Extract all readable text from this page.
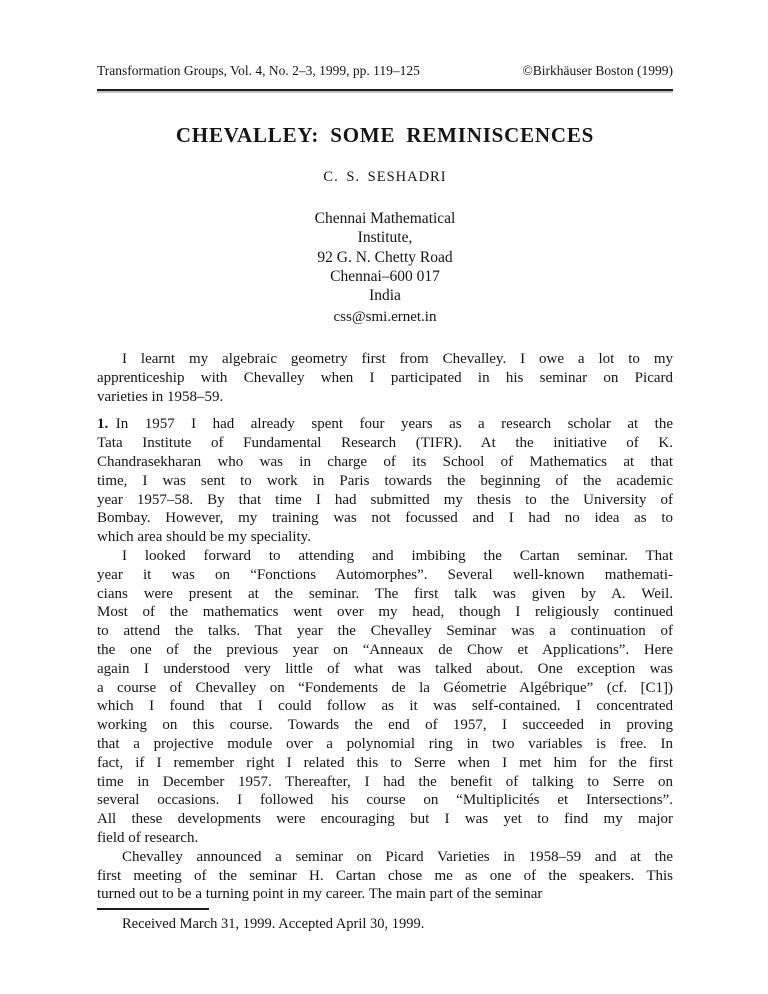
Transformation Groups, Vol. 4, No. 2–3, 1999, pp. 119–125	©Birkhäuser Boston (1999)
CHEVALLEY: SOME REMINISCENCES
C. S. SESHADRI
Chennai Mathematical
Institute,
92 G. N. Chetty Road
Chennai–600 017
India
css@smi.ernet.in
I learnt my algebraic geometry first from Chevalley. I owe a lot to my
apprenticeship with Chevalley when I participated in his seminar on Picard
varieties in 1958–59.
1. In 1957 I had already spent four years as a research scholar at the
Tata Institute of Fundamental Research (TIFR). At the initiative of K.
Chandrasekharan who was in charge of its School of Mathematics at that
time, I was sent to work in Paris towards the beginning of the academic
year 1957–58. By that time I had submitted my thesis to the University of
Bombay. However, my training was not focussed and I had no idea as to
which area should be my speciality.
I looked forward to attending and imbibing the Cartan seminar. That
year it was on “Fonctions Automorphes”. Several well-known mathemati-
cians were present at the seminar. The first talk was given by A. Weil.
Most of the mathematics went over my head, though I religiously continued
to attend the talks. That year the Chevalley Seminar was a continuation of
the one of the previous year on “Anneaux de Chow et Applications”. Here
again I understood very little of what was talked about. One exception was
a course of Chevalley on “Fondements de la Géometrie Algébrique” (cf. [C1])
which I found that I could follow as it was self-contained. I concentrated
working on this course. Towards the end of 1957, I succeeded in proving
that a projective module over a polynomial ring in two variables is free. In
fact, if I remember right I related this to Serre when I met him for the first
time in December 1957. Thereafter, I had the benefit of talking to Serre on
several occasions. I followed his course on “Multiplicités et Intersections”.
All these developments were encouraging but I was yet to find my major
field of research.
Chevalley announced a seminar on Picard Varieties in 1958–59 and at the
first meeting of the seminar H. Cartan chose me as one of the speakers. This
turned out to be a turning point in my career. The main part of the seminar
Received March 31, 1999. Accepted April 30, 1999.
